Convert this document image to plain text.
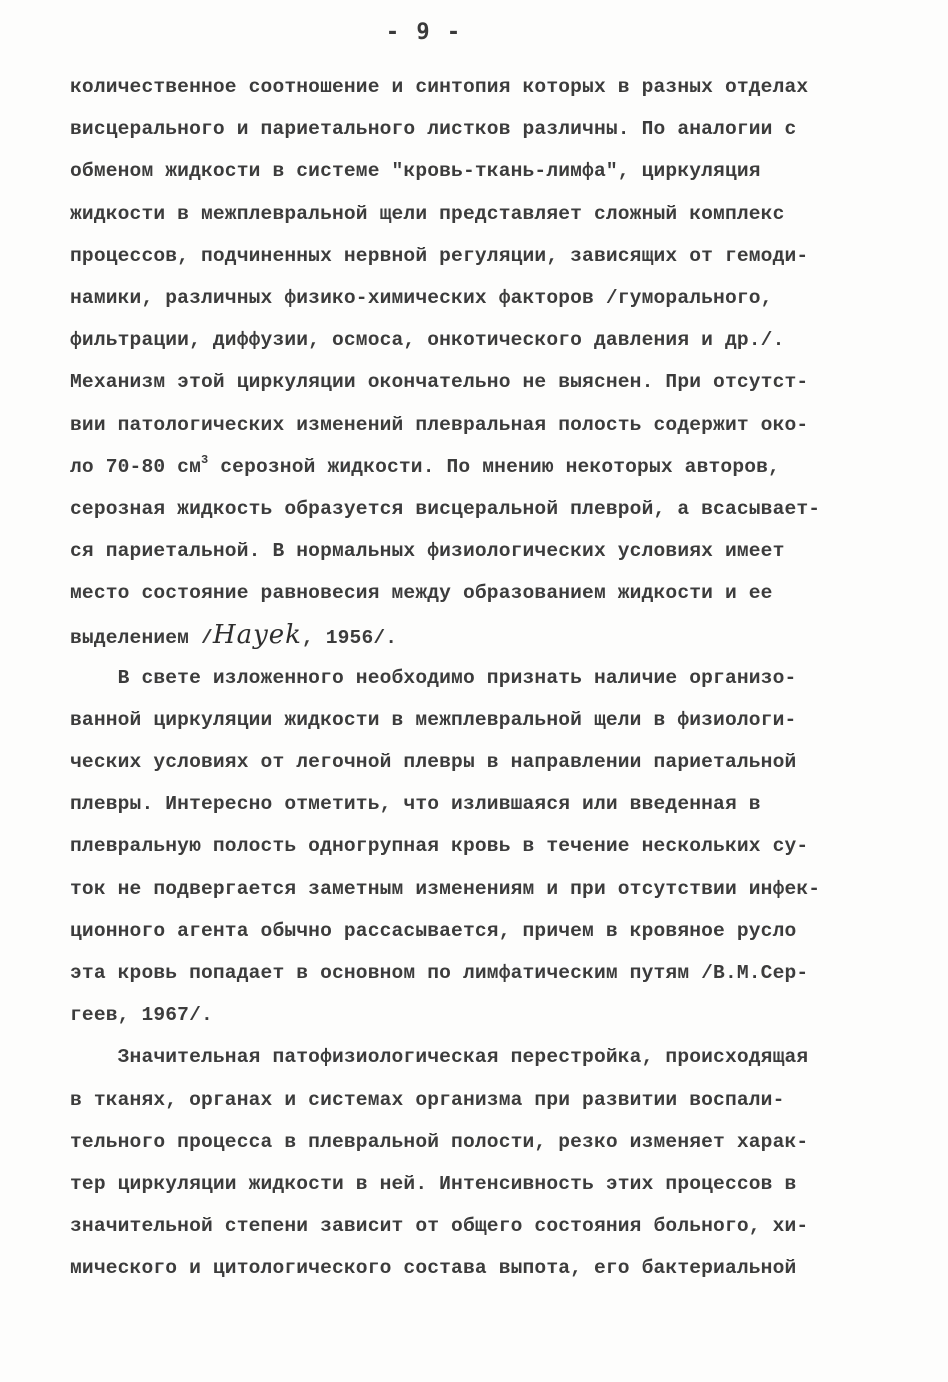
- 9 -
количественное соотношение и синтопия которых в разных отделах
висцерального и париетального листков различны. По аналогии с
обменом жидкости в системе "кровь-ткань-лимфа", циркуляция
жидкости в межплевральной щели представляет сложный комплекс
процессов, подчиненных нервной регуляции, зависящих от гемоди-
намики, различных физико-химических факторов /гуморального,
фильтрации, диффузии, осмоса, онкотического давления и др./.
Механизм этой циркуляции окончательно не выяснен. При отсутст-
вии патологических изменений плевральная полость содержит око-
ло 70-80 $см^3$ серозной жидкости. По мнению некоторых авторов,
серозная жидкость образуется висцеральной плеврой, а всасывает-
ся париетальной. В нормальных физиологических условиях имеет
место состояние равновесия между образованием жидкости и ее
выделением /Hayek, 1956/.
В свете изложенного необходимо признать наличие организо-
ванной циркуляции жидкости в межплевральной щели в физиологи-
ческих условиях от легочной плевры в направлении париетальной
плевры. Интересно отметить, что излившаяся или введенная в
плевральную полость одногрупная кровь в течение нескольких су-
ток не подвергается заметным изменениям и при отсутствии инфек-
ционного агента обычно рассасывается, причем в кровяное русло
эта кровь попадает в основном по лимфатическим путям /В.М.Сер-
геев, 1967/.
Значительная патофизиологическая перестройка, происходящая
в тканях, органах и системах организма при развитии воспали-
тельного процесса в плевральной полости, резко изменяет харак-
тер циркуляции жидкости в ней. Интенсивность этих процессов в
значительной степени зависит от общего состояния больного, хи-
мического и цитологического состава выпота, его бактериальной
